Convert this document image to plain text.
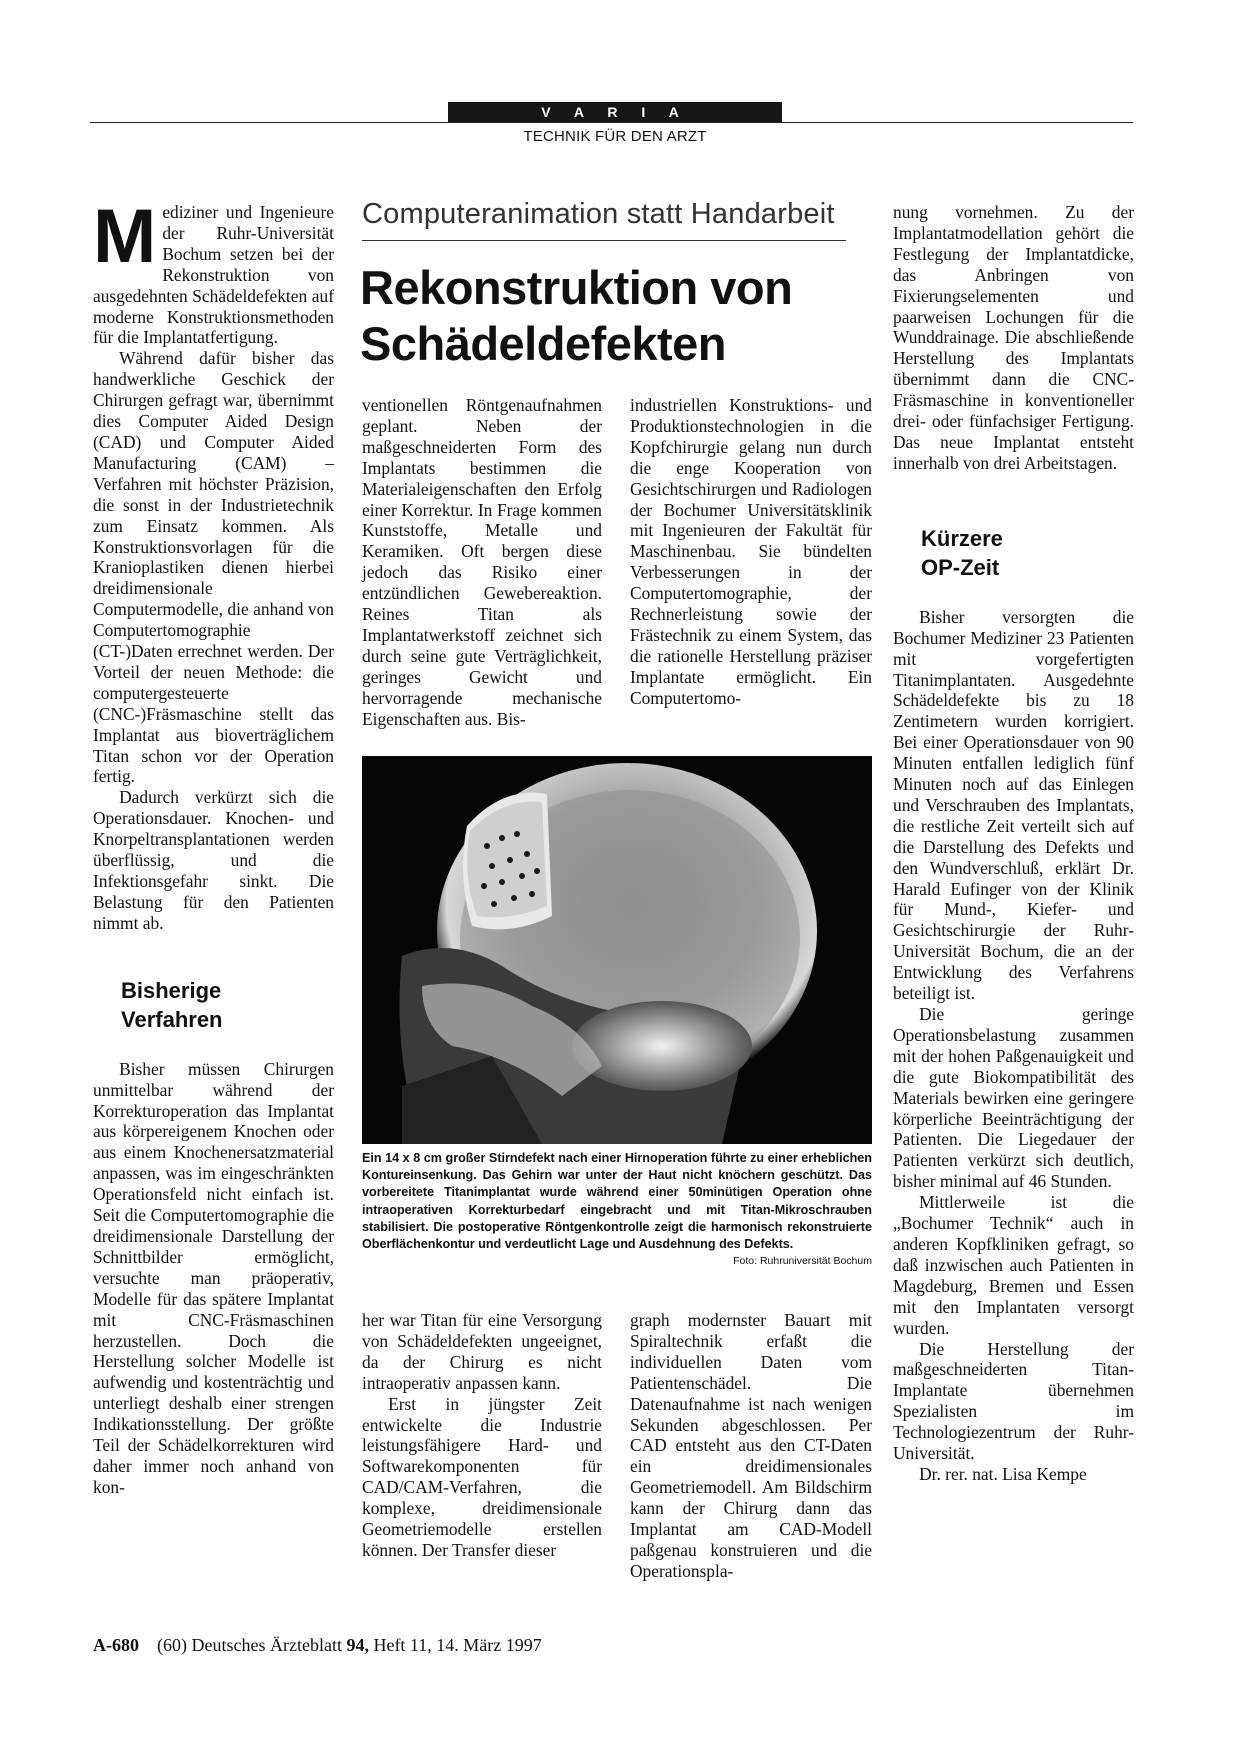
V A R I A
TECHNIK FÜR DEN ARZT

Mediziner und Ingenieure der Ruhr-Universität Bochum setzen bei der Rekonstruktion von ausgedehnten Schädeldefekten auf moderne Konstruktionsmethoden für die Implantatfertigung.

Während dafür bisher das handwerkliche Geschick der Chirurgen gefragt war, übernimmt dies Computer Aided Design (CAD) und Computer Aided Manufacturing (CAM) – Verfahren mit höchster Präzision, die sonst in der Industrietechnik zum Einsatz kommen. Als Konstruktionsvorlagen für die Kranioplastiken dienen hierbei dreidimensionale Computermodelle, die anhand von Computertomographie (CT-)Daten errechnet werden. Der Vorteil der neuen Methode: die computergesteuerte (CNC-)Fräsmaschine stellt das Implantat aus bioverträglichem Titan schon vor der Operation fertig.

Dadurch verkürzt sich die Operationsdauer. Knochen- und Knorpeltransplantationen werden überflüssig, und die Infektionsgefahr sinkt. Die Belastung für den Patienten nimmt ab.

Bisherige
Verfahren

Bisher müssen Chirurgen unmittelbar während der Korrekturoperation das Implantat aus körpereigenem Knochen oder aus einem Knochenersatzmaterial anpassen, was im eingeschränkten Operationsfeld nicht einfach ist. Seit die Computertomographie die dreidimensionale Darstellung der Schnittbilder ermöglicht, versuchte man präoperativ, Modelle für das spätere Implantat mit CNC-Fräsmaschinen herzustellen. Doch die Herstellung solcher Modelle ist aufwendig und kostenträchtig und unterliegt deshalb einer strengen Indikationsstellung. Der größte Teil der Schädelkorrekturen wird daher immer noch anhand von kon-

Computeranimation statt Handarbeit
Rekonstruktion von
Schädeldefekten

ventionellen Röntgenaufnahmen geplant. Neben der maßgeschneiderten Form des Implantats bestimmen die Materialeigenschaften den Erfolg einer Korrektur. In Frage kommen Kunststoffe, Metalle und Keramiken. Oft bergen diese jedoch das Risiko einer entzündlichen Gewebereaktion. Reines Titan als Implantatwerkstoff zeichnet sich durch seine gute Verträglichkeit, geringes Gewicht und hervorragende mechanische Eigenschaften aus. Bis-

industriellen Konstruktions- und Produktionstechnologien in die Kopfchirurgie gelang nun durch die enge Kooperation von Gesichtschirurgen und Radiologen der Bochumer Universitätsklinik mit Ingenieuren der Fakultät für Maschinenbau. Sie bündelten Verbesserungen in der Computertomographie, der Rechnerleistung sowie der Frästechnik zu einem System, das die rationelle Herstellung präziser Implantate ermöglicht. Ein Computertomo-

Ein 14 x 8 cm großer Stirndefekt nach einer Hirnoperation führte zu einer erheblichen Kontureinsenkung. Das Gehirn war unter der Haut nicht knöchern geschützt. Das vorbereitete Titanimplantat wurde während einer 50minütigen Operation ohne intraoperativen Korrekturbedarf eingebracht und mit Titan-Mikroschrauben stabilisiert. Die postoperative Röntgenkontrolle zeigt die harmonisch rekonstruierte Oberflächenkontur und verdeutlicht Lage und Ausdehnung des Defekts.
Foto: Ruhruniversität Bochum

her war Titan für eine Versorgung von Schädeldefekten ungeeignet, da der Chirurg es nicht intraoperativ anpassen kann.

Erst in jüngster Zeit entwickelte die Industrie leistungsfähigere Hard- und Softwarekomponenten für CAD/CAM-Verfahren, die komplexe, dreidimensionale Geometriemodelle erstellen können. Der Transfer dieser

graph modernster Bauart mit Spiraltechnik erfaßt die individuellen Daten vom Patientenschädel. Die Datenaufnahme ist nach wenigen Sekunden abgeschlossen. Per CAD entsteht aus den CT-Daten ein dreidimensionales Geometriemodell. Am Bildschirm kann der Chirurg dann das Implantat am CAD-Modell paßgenau konstruieren und die Operationspla-

nung vornehmen. Zu der Implantatmodellation gehört die Festlegung der Implantatdicke, das Anbringen von Fixierungselementen und paarweisen Lochungen für die Wunddrainage. Die abschließende Herstellung des Implantats übernimmt dann die CNC-Fräsmaschine in konventioneller drei- oder fünfachsiger Fertigung. Das neue Implantat entsteht innerhalb von drei Arbeitstagen.

Kürzere
OP-Zeit

Bisher versorgten die Bochumer Mediziner 23 Patienten mit vorgefertigten Titanimplantaten. Ausgedehnte Schädeldefekte bis zu 18 Zentimetern wurden korrigiert. Bei einer Operationsdauer von 90 Minuten entfallen lediglich fünf Minuten noch auf das Einlegen und Verschrauben des Implantats, die restliche Zeit verteilt sich auf die Darstellung des Defekts und den Wundverschluß, erklärt Dr. Harald Eufinger von der Klinik für Mund-, Kiefer- und Gesichtschirurgie der Ruhr-Universität Bochum, die an der Entwicklung des Verfahrens beteiligt ist.

Die geringe Operationsbelastung zusammen mit der hohen Paßgenauigkeit und die gute Biokompatibilität des Materials bewirken eine geringere körperliche Beeinträchtigung der Patienten. Die Liegedauer der Patienten verkürzt sich deutlich, bisher minimal auf 46 Stunden.

Mittlerweile ist die „Bochumer Technik“ auch in anderen Kopfkliniken gefragt, so daß inzwischen auch Patienten in Magdeburg, Bremen und Essen mit den Implantaten versorgt wurden.

Die Herstellung der maßgeschneiderten Titan-Implantate übernehmen Spezialisten im Technologiezentrum der Ruhr-Universität.

Dr. rer. nat. Lisa Kempe

A-680 (60) Deutsches Ärzteblatt 94, Heft 11, 14. März 1997
